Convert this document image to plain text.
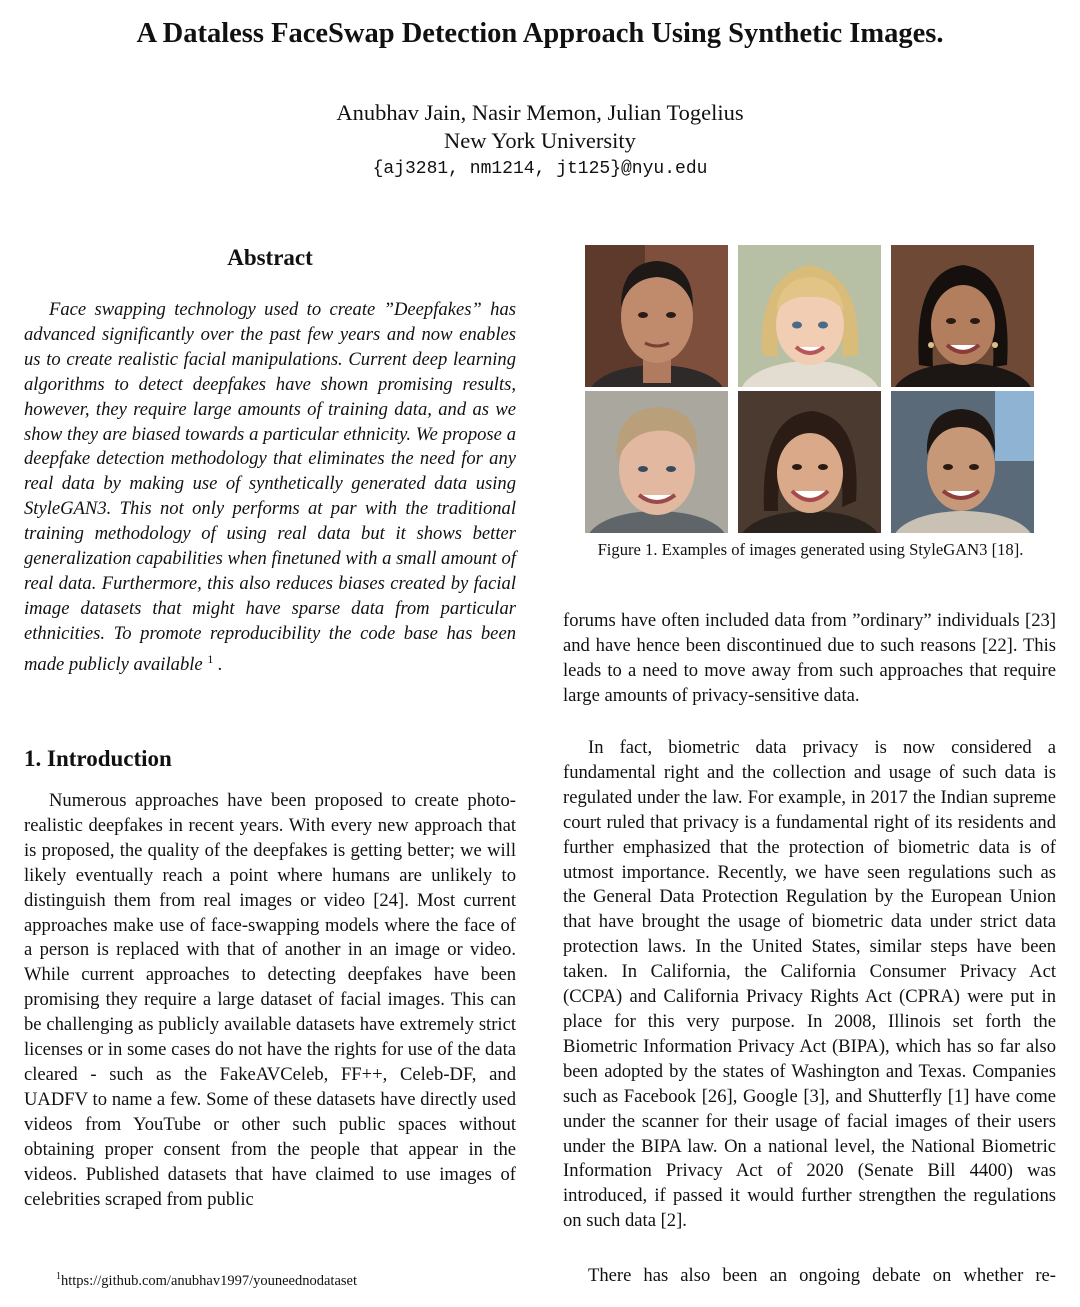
A Dataless FaceSwap Detection Approach Using Synthetic Images.
Anubhav Jain, Nasir Memon, Julian Togelius
New York University
{aj3281, nm1214, jt125}@nyu.edu
Abstract

Face swapping technology used to create ”Deepfakes” has advanced significantly over the past few years and now enables us to create realistic facial manipulations. Current deep learning algorithms to detect deepfakes have shown promising results, however, they require large amounts of training data, and as we show they are biased towards a particular ethnicity. We propose a deepfake detection methodology that eliminates the need for any real data by making use of synthetically generated data using StyleGAN3. This not only performs at par with the traditional training methodology of using real data but it shows better generalization capabilities when finetuned with a small amount of real data. Furthermore, this also reduces biases created by facial image datasets that might have sparse data from particular ethnicities. To promote reproducibility the code base has been made publicly available $^1$ .

1. Introduction

Numerous approaches have been proposed to create photo-realistic deepfakes in recent years. With every new approach that is proposed, the quality of the deepfakes is getting better; we will likely eventually reach a point where humans are unlikely to distinguish them from real images or video [24]. Most current approaches make use of face-swapping models where the face of a person is replaced with that of another in an image or video. While current approaches to detecting deepfakes have been promising they require a large dataset of facial images. This can be challenging as publicly available datasets have extremely strict licenses or in some cases do not have the rights for use of the data cleared - such as the FakeAVCeleb, FF++, Celeb-DF, and UADFV to name a few. Some of these datasets have directly used videos from YouTube or other such public spaces without obtaining proper consent from the people that appear in the videos. Published datasets that have claimed to use images of celebrities scraped from public

$^1$https://github.com/anubhav1997/youneednodataset
Figure 1. Examples of images generated using StyleGAN3 [18].

forums have often included data from ”ordinary” individuals [23] and have hence been discontinued due to such reasons [22]. This leads to a need to move away from such approaches that require large amounts of privacy-sensitive data.

In fact, biometric data privacy is now considered a fundamental right and the collection and usage of such data is regulated under the law. For example, in 2017 the Indian supreme court ruled that privacy is a fundamental right of its residents and further emphasized that the protection of biometric data is of utmost importance. Recently, we have seen regulations such as the General Data Protection Regulation by the European Union that have brought the usage of biometric data under strict data protection laws. In the United States, similar steps have been taken. In California, the California Consumer Privacy Act (CCPA) and California Privacy Rights Act (CPRA) were put in place for this very purpose. In 2008, Illinois set forth the Biometric Information Privacy Act (BIPA), which has so far also been adopted by the states of Washington and Texas. Companies such as Facebook [26], Google [3], and Shutterfly [1] have come under the scanner for their usage of facial images of their users under the BIPA law. On a national level, the National Biometric Information Privacy Act of 2020 (Senate Bill 4400) was introduced, if passed it would further strengthen the regulations on such data [2].

There has also been an ongoing debate on whether re-
